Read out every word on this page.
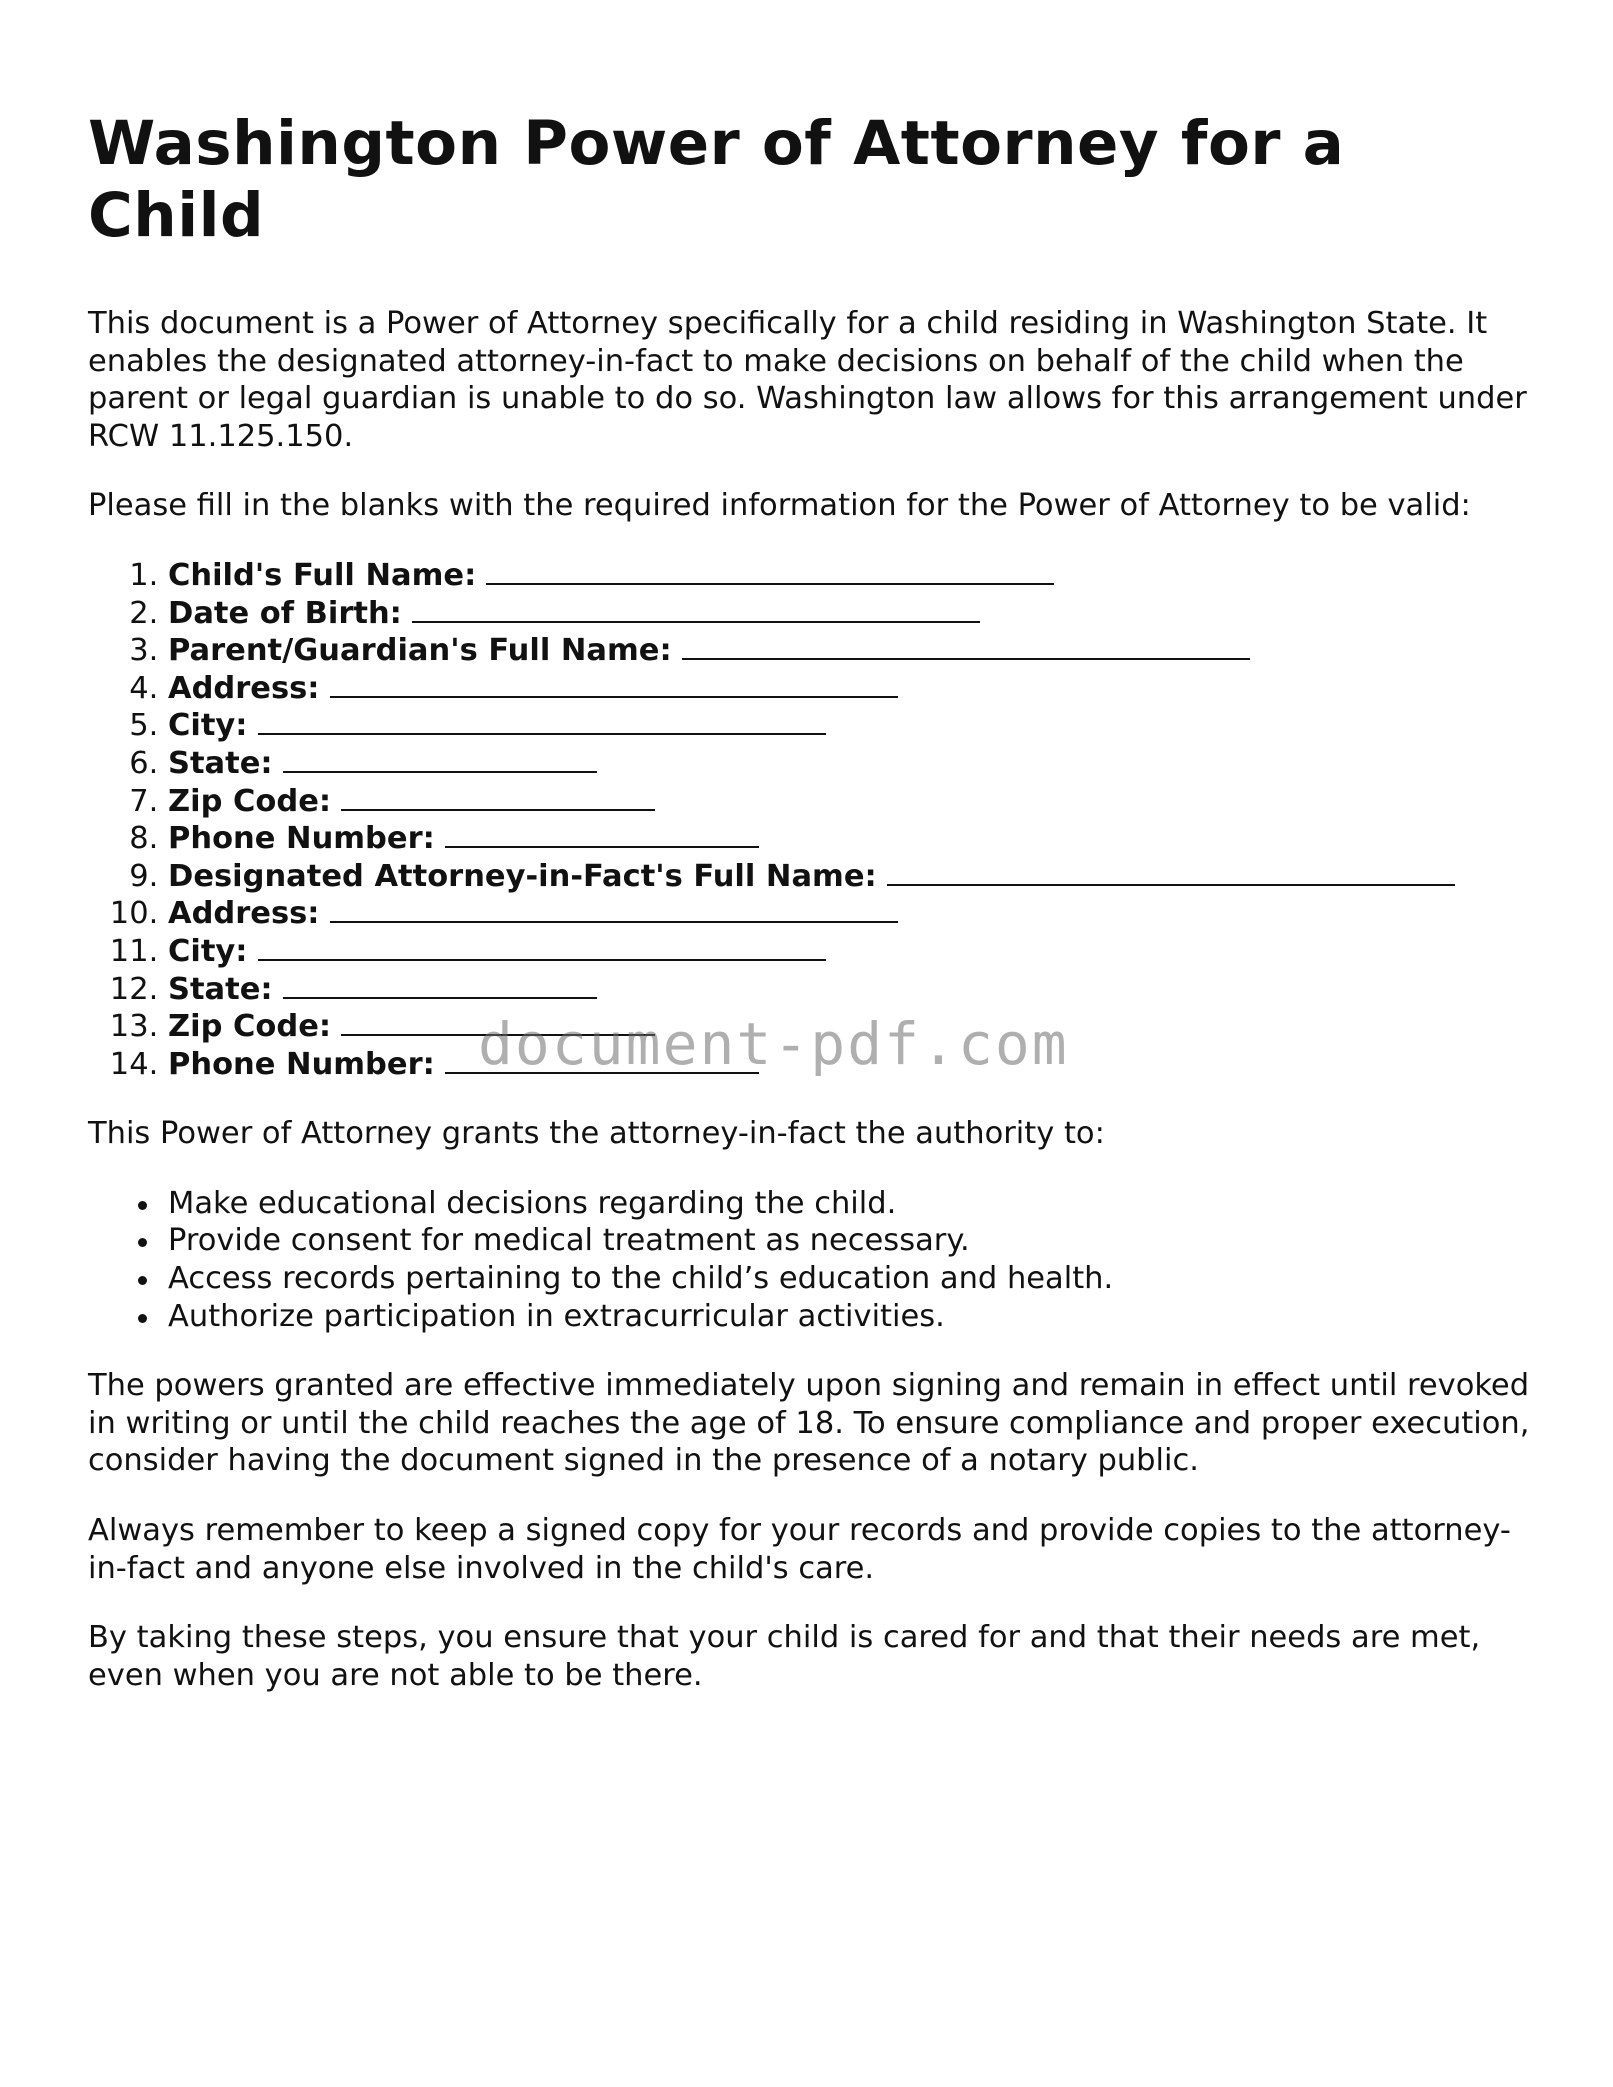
Washington Power of Attorney for a Child

This document is a Power of Attorney specifically for a child residing in Washington State. It enables the designated attorney-in-fact to make decisions on behalf of the child when the parent or legal guardian is unable to do so. Washington law allows for this arrangement under RCW 11.125.150.

Please fill in the blanks with the required information for the Power of Attorney to be valid:

1. Child's Full Name:
2. Date of Birth:
3. Parent/Guardian's Full Name:
4. Address:
5. City:
6. State:
7. Zip Code:
8. Phone Number:
9. Designated Attorney-in-Fact's Full Name:
10. Address:
11. City:
12. State:
13. Zip Code:
14. Phone Number:

This Power of Attorney grants the attorney-in-fact the authority to:

Make educational decisions regarding the child.
Provide consent for medical treatment as necessary.
Access records pertaining to the child’s education and health.
Authorize participation in extracurricular activities.

The powers granted are effective immediately upon signing and remain in effect until revoked in writing or until the child reaches the age of 18. To ensure compliance and proper execution, consider having the document signed in the presence of a notary public.

Always remember to keep a signed copy for your records and provide copies to the attorney-in-fact and anyone else involved in the child's care.

By taking these steps, you ensure that your child is cared for and that their needs are met, even when you are not able to be there.

document-pdf.com
